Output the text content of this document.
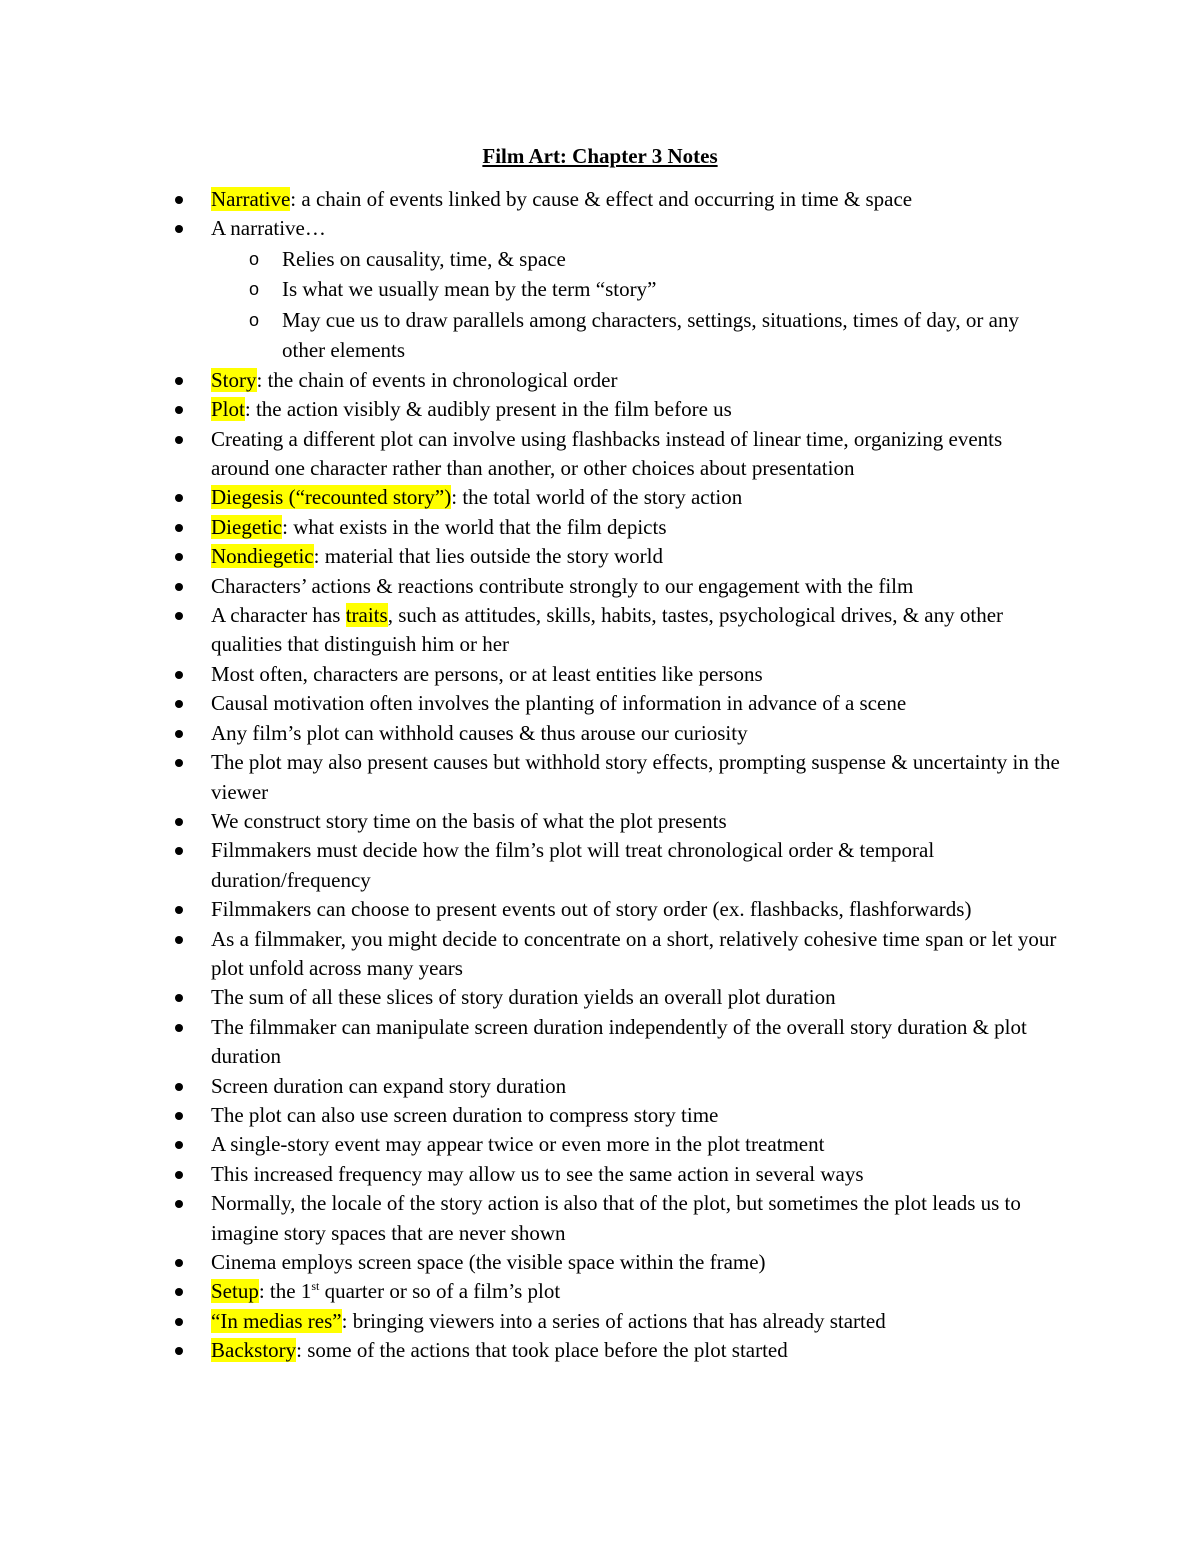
Film Art: Chapter 3 Notes
Narrative: a chain of events linked by cause & effect and occurring in time & space
A narrative…
o Relies on causality, time, & space
o Is what we usually mean by the term “story”
o May cue us to draw parallels among characters, settings, situations, times of day, or any other elements
Story: the chain of events in chronological order
Plot: the action visibly & audibly present in the film before us
Creating a different plot can involve using flashbacks instead of linear time, organizing events around one character rather than another, or other choices about presentation
Diegesis (“recounted story”): the total world of the story action
Diegetic: what exists in the world that the film depicts
Nondiegetic: material that lies outside the story world
Characters’ actions & reactions contribute strongly to our engagement with the film
A character has traits, such as attitudes, skills, habits, tastes, psychological drives, & any other qualities that distinguish him or her
Most often, characters are persons, or at least entities like persons
Causal motivation often involves the planting of information in advance of a scene
Any film’s plot can withhold causes & thus arouse our curiosity
The plot may also present causes but withhold story effects, prompting suspense & uncertainty in the viewer
We construct story time on the basis of what the plot presents
Filmmakers must decide how the film’s plot will treat chronological order & temporal duration/frequency
Filmmakers can choose to present events out of story order (ex. flashbacks, flashforwards)
As a filmmaker, you might decide to concentrate on a short, relatively cohesive time span or let your plot unfold across many years
The sum of all these slices of story duration yields an overall plot duration
The filmmaker can manipulate screen duration independently of the overall story duration & plot duration
Screen duration can expand story duration
The plot can also use screen duration to compress story time
A single-story event may appear twice or even more in the plot treatment
This increased frequency may allow us to see the same action in several ways
Normally, the locale of the story action is also that of the plot, but sometimes the plot leads us to imagine story spaces that are never shown
Cinema employs screen space (the visible space within the frame)
Setup: the 1st quarter or so of a film’s plot
“In medias res”: bringing viewers into a series of actions that has already started
Backstory: some of the actions that took place before the plot started
